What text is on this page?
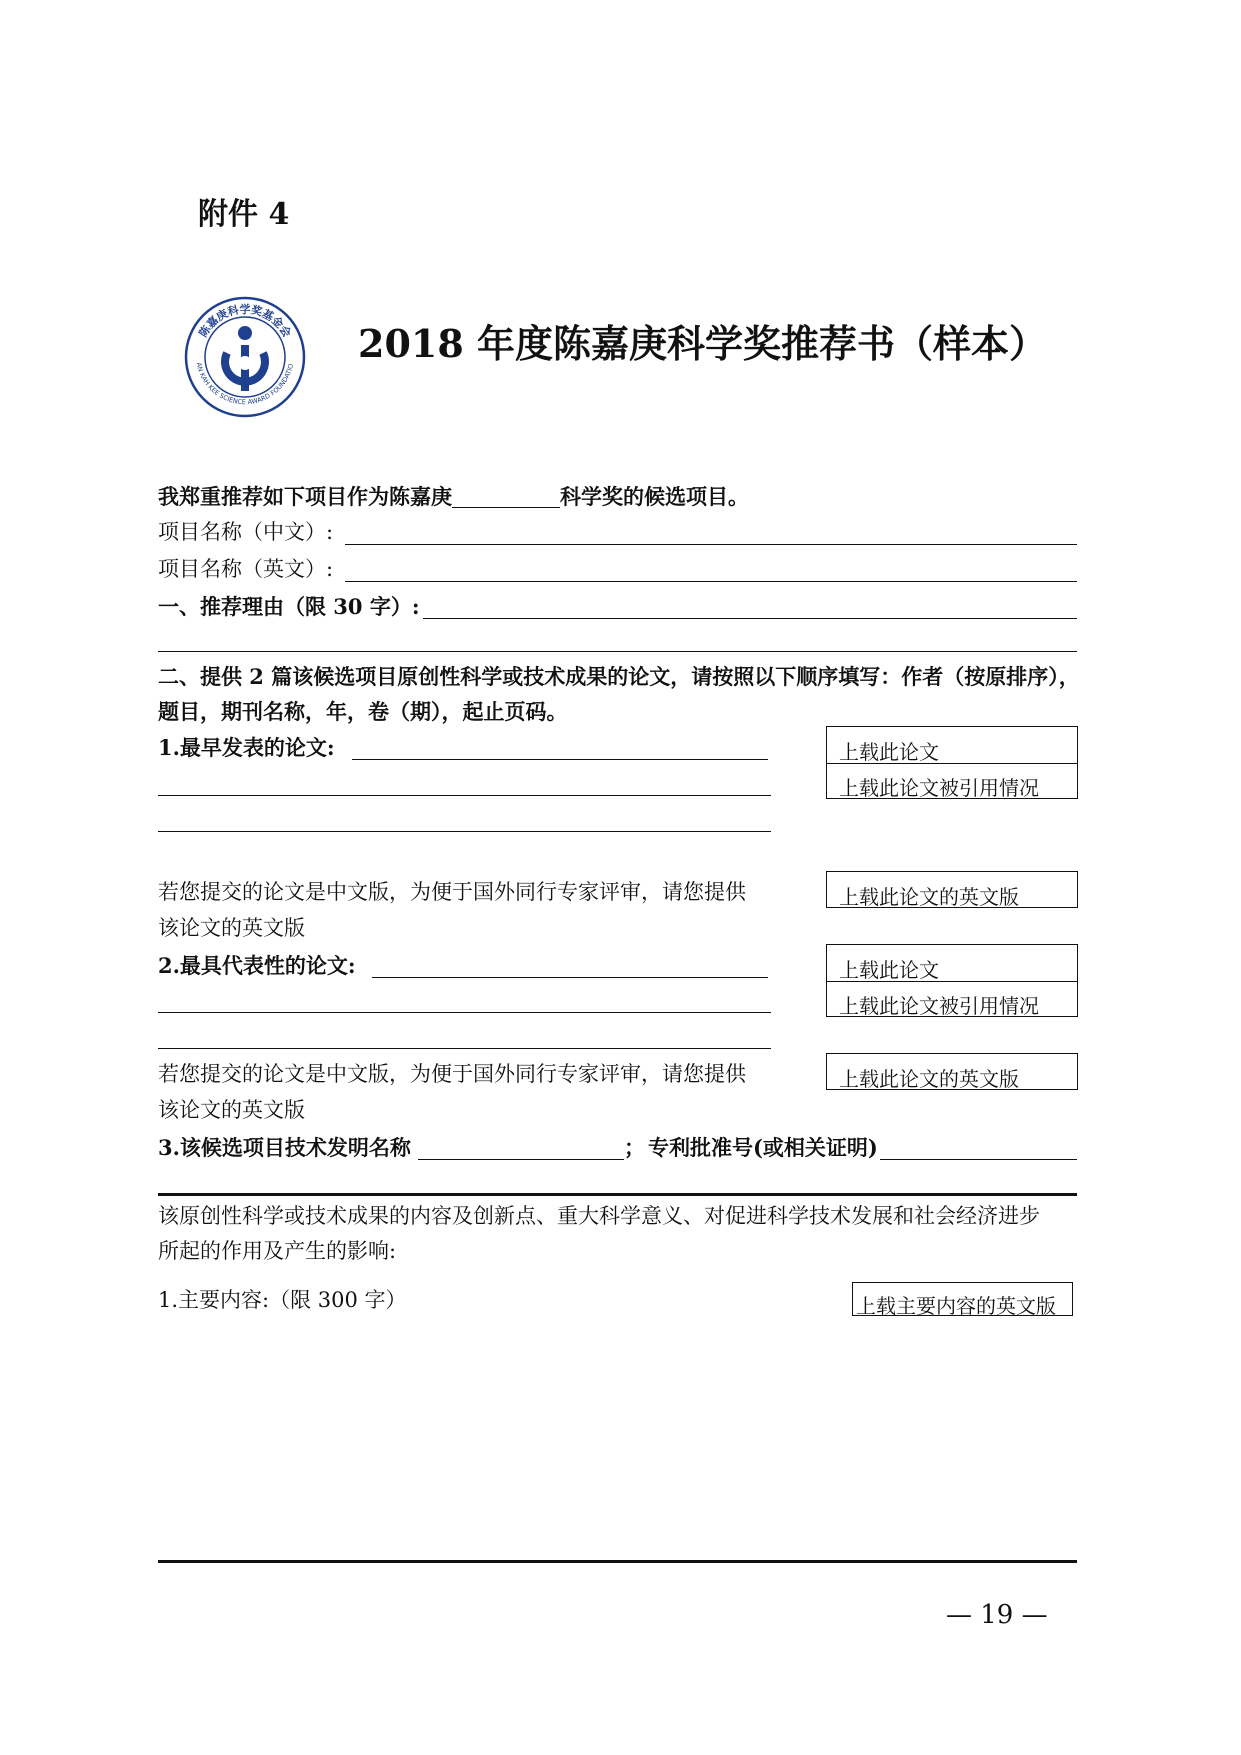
附件 4
陈嘉庚科学奖基金会
AN KAH KEE SCIENCE AWARD FOUNDATIO
2018 年度陈嘉庚科学奖推荐书（样本）
我郑重推荐如下项目作为陈嘉庚	科学奖的候选项目。
项目名称（中文）:
项目名称（英文）:
一、推荐理由（限 30 字）:
二、提供 2 篇该候选项目原创性科学或技术成果的论文，请按照以下顺序填写：作者（按原排序），
题目，期刊名称，年，卷（期），起止页码。
1.最早发表的论文:	上载此论文
上载此论文被引用情况
若您提交的论文是中文版，为便于国外同行专家评审，请您提供
该论文的英文版
上载此论文的英文版
2.最具代表性的论文:	上载此论文
上载此论文被引用情况
若您提交的论文是中文版，为便于国外同行专家评审，请您提供
该论文的英文版
上载此论文的英文版
3.该候选项目技术发明名称	； 专利批准号(或相关证明)
该原创性科学或技术成果的内容及创新点、重大科学意义、对促进科学技术发展和社会经济进步
所起的作用及产生的影响:
1.主要内容:（限 300 字）	上载主要内容的英文版
— 19 —
